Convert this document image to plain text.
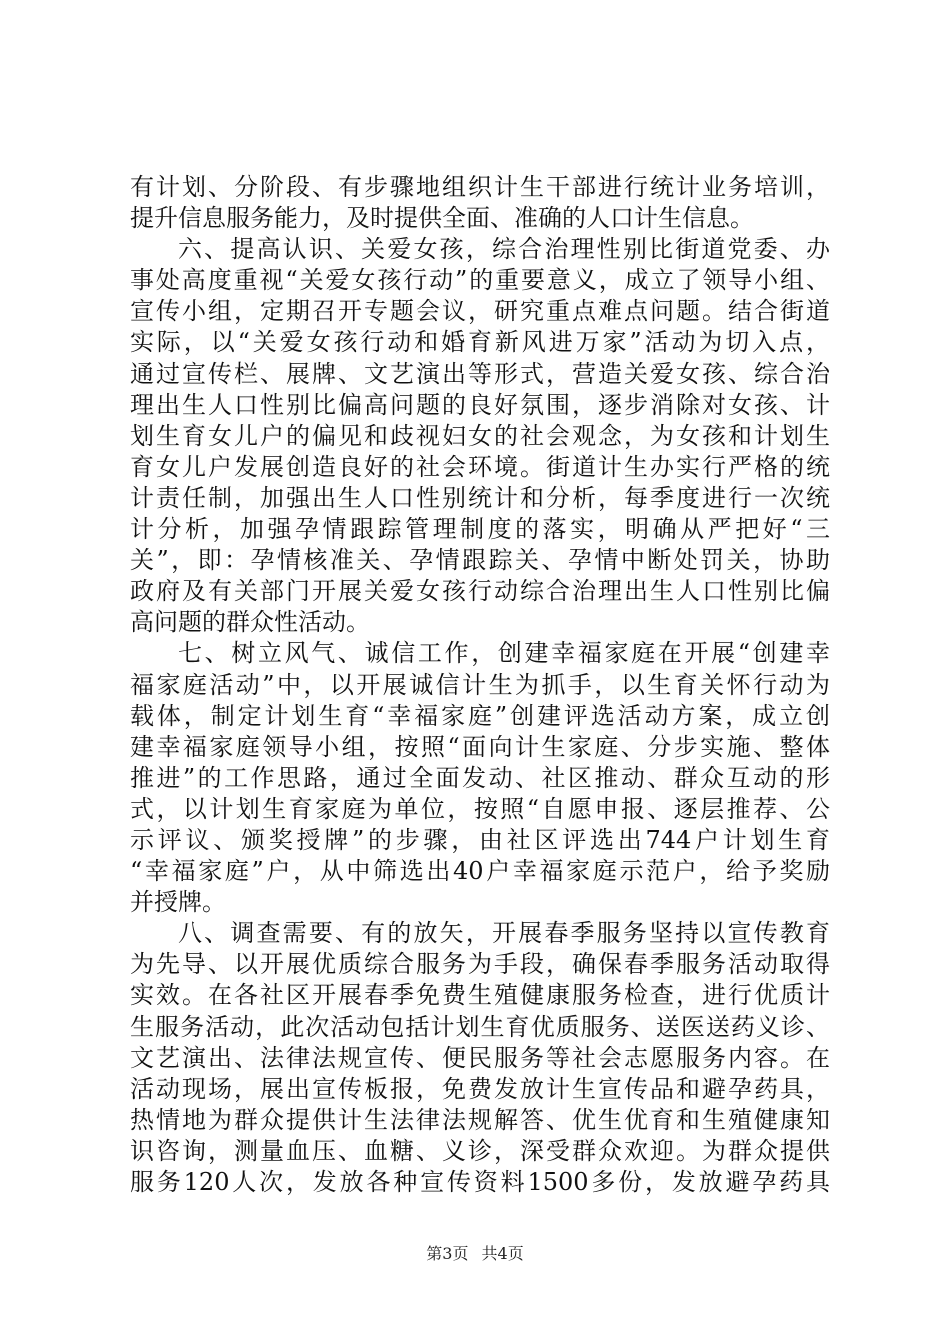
有计划、分阶段、有步骤地组织计生干部进行统计业务培训，
提升信息服务能力，及时提供全面、准确的人口计生信息。
六、提高认识、关爱女孩，综合治理性别比街道党委、办
事处高度重视“关爱女孩行动”的重要意义，成立了领导小组、
宣传小组，定期召开专题会议，研究重点难点问题。结合街道
实际，以“关爱女孩行动和婚育新风进万家”活动为切入点，
通过宣传栏、展牌、文艺演出等形式，营造关爱女孩、综合治
理出生人口性别比偏高问题的良好氛围，逐步消除对女孩、计
划生育女儿户的偏见和歧视妇女的社会观念，为女孩和计划生
育女儿户发展创造良好的社会环境。街道计生办实行严格的统
计责任制，加强出生人口性别统计和分析，每季度进行一次统
计分析，加强孕情跟踪管理制度的落实，明确从严把好“三
关”，即：孕情核准关、孕情跟踪关、孕情中断处罚关，协助
政府及有关部门开展关爱女孩行动综合治理出生人口性别比偏
高问题的群众性活动。
七、树立风气、诚信工作，创建幸福家庭在开展“创建幸
福家庭活动”中，以开展诚信计生为抓手，以生育关怀行动为
载体，制定计划生育“幸福家庭”创建评选活动方案，成立创
建幸福家庭领导小组，按照“面向计生家庭、分步实施、整体
推进”的工作思路，通过全面发动、社区推动、群众互动的形
式，以计划生育家庭为单位，按照“自愿申报、逐层推荐、公
示评议、颁奖授牌”的步骤，由社区评选出744户计划生育
“幸福家庭”户，从中筛选出40户幸福家庭示范户，给予奖励
并授牌。
八、调查需要、有的放矢，开展春季服务坚持以宣传教育
为先导、以开展优质综合服务为手段，确保春季服务活动取得
实效。在各社区开展春季免费生殖健康服务检查，进行优质计
生服务活动，此次活动包括计划生育优质服务、送医送药义诊、
文艺演出、法律法规宣传、便民服务等社会志愿服务内容。在
活动现场，展出宣传板报，免费发放计生宣传品和避孕药具，
热情地为群众提供计生法律法规解答、优生优育和生殖健康知
识咨询，测量血压、血糖、义诊，深受群众欢迎。为群众提供
服务120人次，发放各种宣传资料1500多份，发放避孕药具
第3页 共4页
